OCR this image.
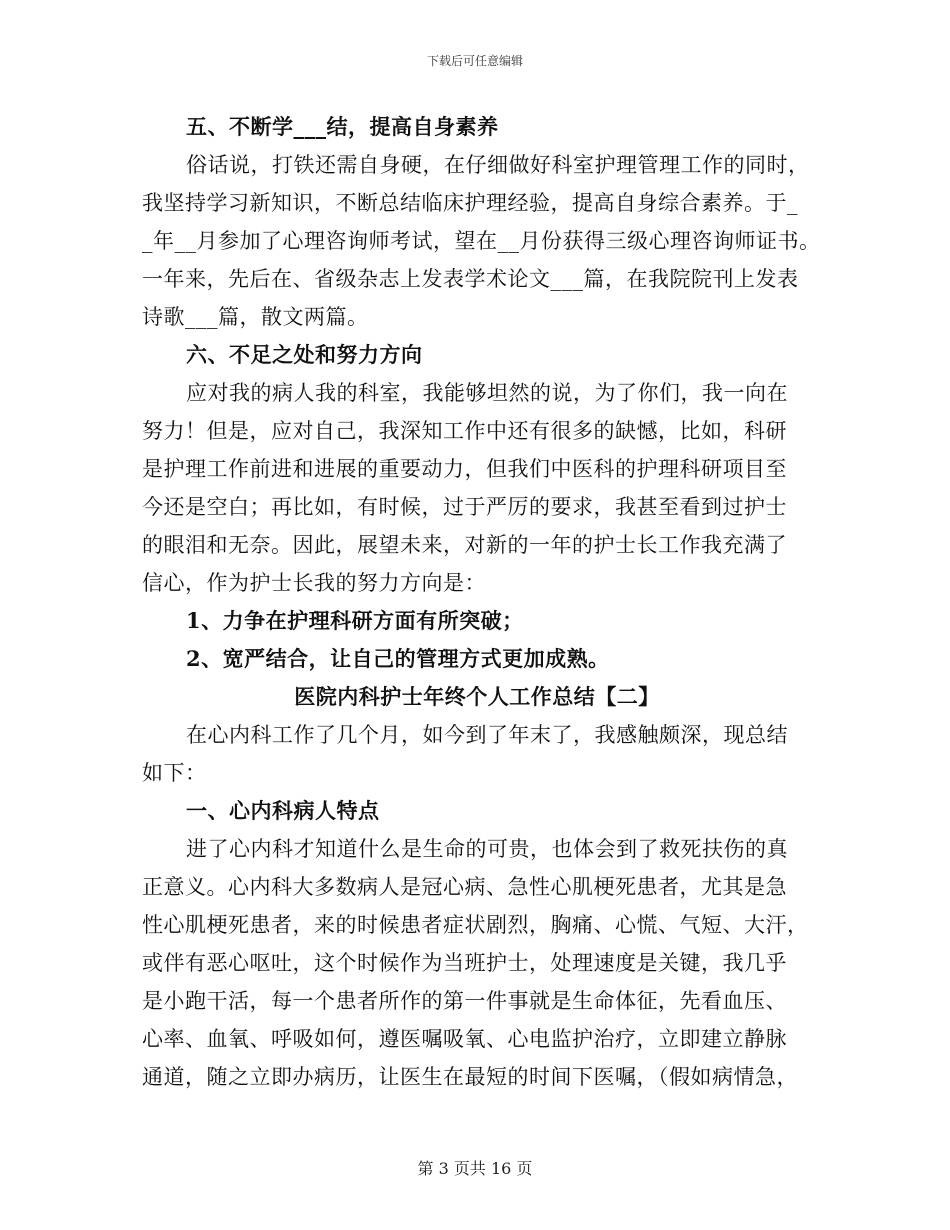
下载后可任意编辑
五、不断学___结，提高自身素养
俗话说，打铁还需自身硬，在仔细做好科室护理管理工作的同时，
我坚持学习新知识，不断总结临床护理经验，提高自身综合素养。于_
_年__月参加了心理咨询师考试，望在__月份获得三级心理咨询师证书。
一年来，先后在、省级杂志上发表学术论文___篇，在我院院刊上发表
诗歌___篇，散文两篇。
六、不足之处和努力方向
应对我的病人我的科室，我能够坦然的说，为了你们，我一向在
努力！但是，应对自己，我深知工作中还有很多的缺憾，比如，科研
是护理工作前进和进展的重要动力，但我们中医科的护理科研项目至
今还是空白；再比如，有时候，过于严厉的要求，我甚至看到过护士
的眼泪和无奈。因此，展望未来，对新的一年的护士长工作我充满了
信心，作为护士长我的努力方向是：
1、力争在护理科研方面有所突破；
2、宽严结合，让自己的管理方式更加成熟。
医院内科护士年终个人工作总结【二】
在心内科工作了几个月，如今到了年末了，我感触颇深，现总结
如下：
一、心内科病人特点
进了心内科才知道什么是生命的可贵，也体会到了救死扶伤的真
正意义。心内科大多数病人是冠心病、急性心肌梗死患者，尤其是急
性心肌梗死患者，来的时候患者症状剧烈，胸痛、心慌、气短、大汗，
或伴有恶心呕吐，这个时候作为当班护士，处理速度是关键，我几乎
是小跑干活，每一个患者所作的第一件事就是生命体征，先看血压、
心率、血氧、呼吸如何，遵医嘱吸氧、心电监护治疗，立即建立静脉
通道，随之立即办病历，让医生在最短的时间下医嘱，（假如病情急，
第 3 页共 16 页
